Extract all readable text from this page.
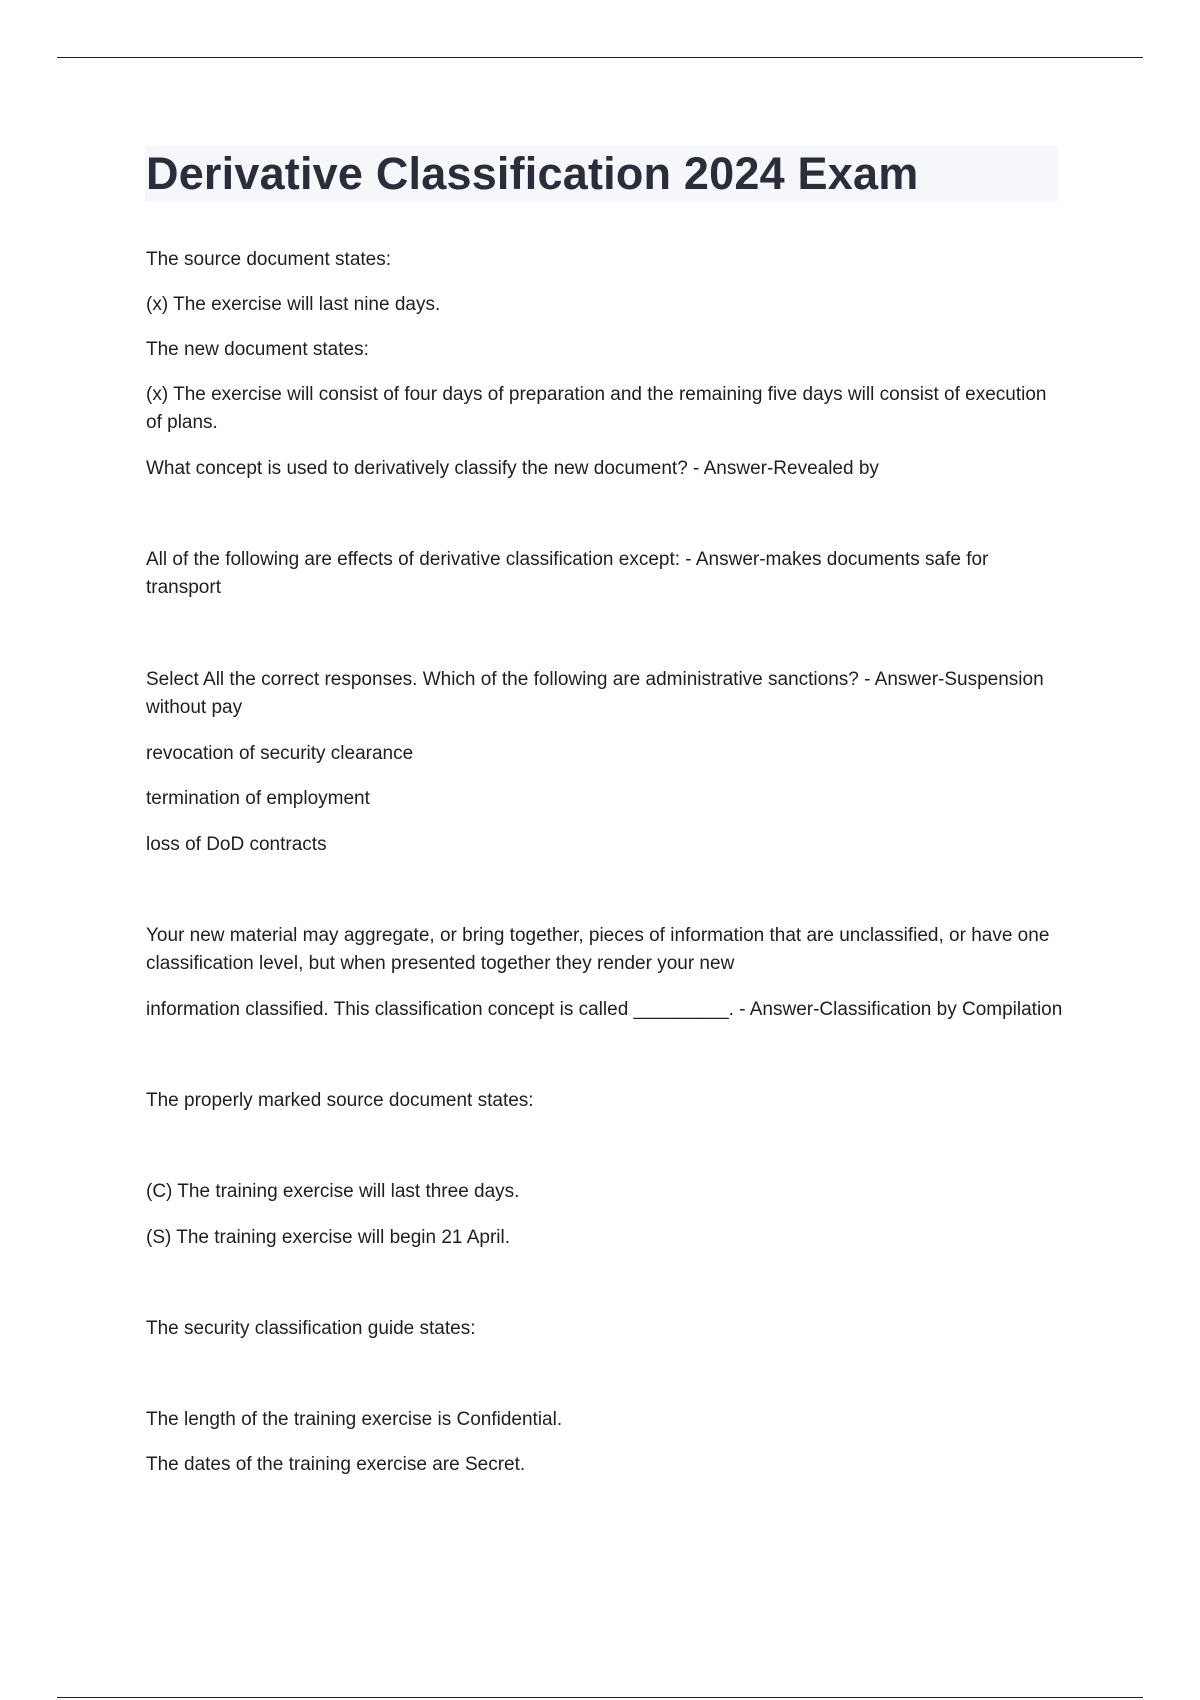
Derivative Classification 2024 Exam

The source document states:

(x) The exercise will last nine days.

The new document states:

(x) The exercise will consist of four days of preparation and the remaining five days will consist of execution of plans.

What concept is used to derivatively classify the new document? - Answer-Revealed by

All of the following are effects of derivative classification except: - Answer-makes documents safe for transport

Select All the correct responses. Which of the following are administrative sanctions? - Answer-Suspension without pay

revocation of security clearance

termination of employment

loss of DoD contracts

Your new material may aggregate, or bring together, pieces of information that are unclassified, or have one classification level, but when presented together they render your new

information classified. This classification concept is called _________. - Answer-Classification by Compilation

The properly marked source document states:

(C) The training exercise will last three days.

(S) The training exercise will begin 21 April.

The security classification guide states:

The length of the training exercise is Confidential.

The dates of the training exercise are Secret.
